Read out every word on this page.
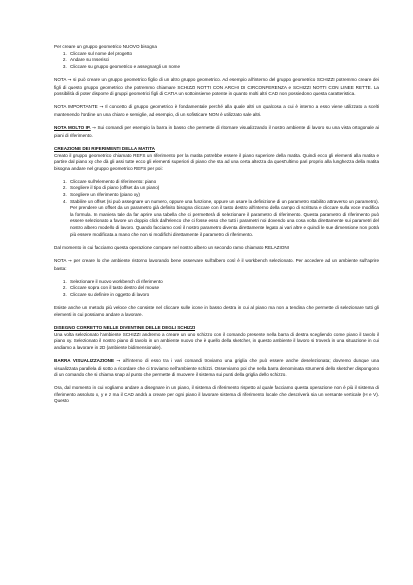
Per creare un gruppo geometrico NUOVO bisogna

1. Cliccare sul nome del progetto
2. Andare su Inserisci
3. Cliccare su gruppo geometrico e assegnargli un nome

NOTA → si può creare un gruppo geometrico figlio di un altro gruppo geometrico. Ad esempio all'interno del gruppo geometrico SCHIZZI potremmo creare dei figli di questo gruppo geometrico che potremmo chiamare SCHIZZI NOTTI CON ARCHI DI CIRCONFERENZA e SCHIZZI NOTTI CON LINEE RETTE. La possibilità di poter disporre di gruppi geometrici figli di CATIA un sottoinsieme potente in quanto molti altri CAD non possiedono questa caratteristica.

NOTA IMPORTANTE → Il concetto di gruppo geometrico è fondamentale perché alla quale altri un qualcosa a cui è interno a esso viene utilizzato a scelti mantenendo l'ordine un una chiaro e semiglie, ad esempio, di un sofisticare NON è utilizzato sale altri.

NOTA MOLTO IP. → Sui comandi per esempio la barra in basso che permette di ritornare visualizzando il nostro ambiente di lavoro su una vista ortogonale ai piani di riferimento.

CREAZIONE DEI RIFERIMENTI DELLA MATITA

Creato il gruppo geometrico chiamato REFS un riferimento per la matita potrebbe essere il piano superiore della matita. Quindi ecco gli elementi alla matita e partire dal piano xy che dà gli assi tutte ecco gli elementi superiori di piano che sta ad una certa altezza da quest'ultimo pari proprio alla lunghezza della matita bisogna andare nel gruppo geometrico REFS per poi:

1. Cliccare sull'elemento di riferimento: piano
2. Scegliere il tipo di piano (offset da un piano)
3. Scegliere un riferimento (piano xy)
4. Stabilire un offset (si può assegnare un numero, oppure una funzione, oppure un usare la definizione di un parametro stabilito attraverso un parametro). Per prendere un offset da un parametro già definito bisogna cliccare con il tasto destro all'interno della campo di scrittura e cliccare sulla voce modifica la formula. In maniera tale da far aprire una tabella che ci permetterà di selezionare il parametro di riferimento. Questa parametro di riferimento può essere selezionato a favore un doppio click dall'elenco che ci fosse esso che tutti i parametri noi dovendo una cosa volta direttamente sui parametri del nostro albero modello di lavoro. Quando facciamo così il nostro parametro diventa direttamente legato ai vari altre e quindi le sue dimensione non potrà più essere modificata a mano che non si modifichi direttamente il parametro di riferimento.

Dal momento in cui facciamo questa operazione compare nel nostro albero un secondo ramo chiamato RELAZIONI

NOTA → per creare lo che ambiente ristorno lavorando bene osservare sull'albero così è il workbench selezionato. Per accedere ad un ambiente sull'aprire basta:

1. Selezionare il nuovo workbench di riferimento
2. Cliccare sopra con il tasto destro del mouse
3. Cliccare su definire in oggetto di lavoro

Esiste anche un metodo più veloce che consiste nel cliccare sulle icone in basso destra in cui al piano ma non a tendina che permette di selezionare tutti gli elementi in cui possiamo andare a lavorare.

DISEGNO CORRETTO NELLE DIVENTINE DELLE DEGLI SCHIZZI

Una volta selezionato l'ambiente SCHIZZI andremo a creare un uno schizzo con il comando presente nella barra di destra scegliendo come piano il tavolo il piano xy. Selezionato il nostro piano di tavolo in un ambiente nuovo che è quello della sketcher, in questo ambiente il lavoro si troverà in una situazione in cui andiamo a lavorare in 2D (ambiente bidimensionale).

BARRA VISUALIZZAZIONE → all'interno di esso tra i vari comandi troviamo una griglia che può essere anche deselezionata; dovremo dunque una visualizzata parallela di sotto a ricordare che ci troviamo nell'ambiente schizzi. Osserviamo poi che nella barra denominata strumenti dello sketcher dispongono di un comando che si chiama snap al punto che permette di muovere il sistema sui punti della griglia dello schizzo.

Ora, dal momento in cui vogliamo andare a disegnare in un piano, il sistema di riferimento rispetto al quale facciamo questa operazione non è più il sistema di riferimento assoluto x, y e z ma il CAD andrà a creare per ogni piano il lavorare sistema di riferimento locale che descriverà sia un versante verticale (H e V). Questo
